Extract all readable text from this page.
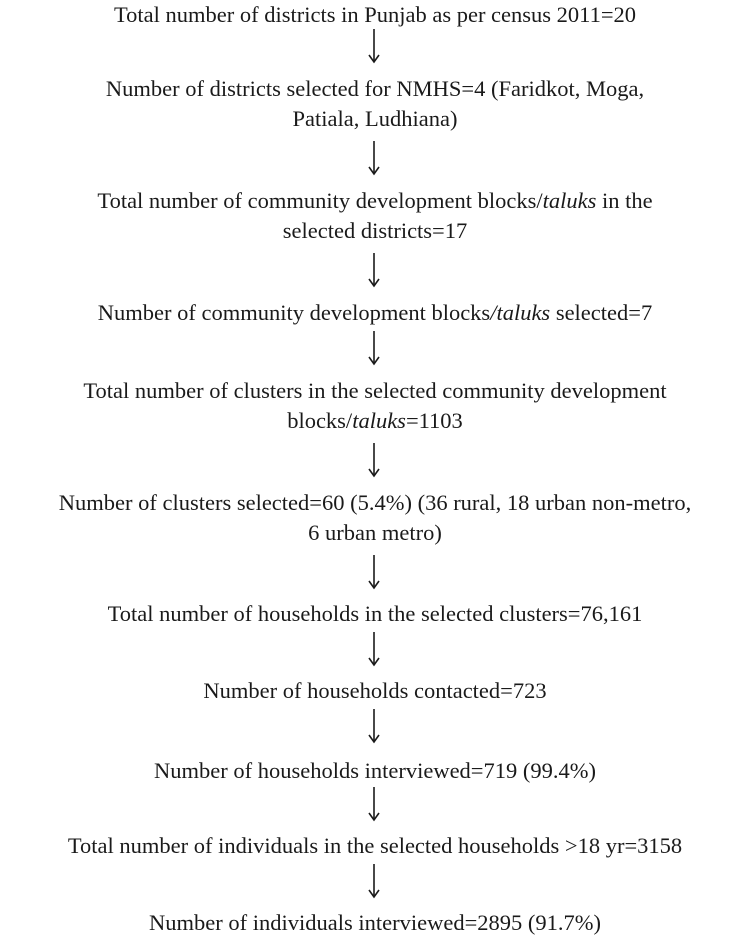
Total number of districts in Punjab as per census 2011=20
Number of districts selected for NMHS=4 (Faridkot, Moga,
Patiala, Ludhiana)
Total number of community development blocks/taluks in the
selected districts=17
Number of community development blocks/taluks selected=7
Total number of clusters in the selected community development
blocks/taluks=1103
Number of clusters selected=60 (5.4%) (36 rural, 18 urban non-metro,
6 urban metro)
Total number of households in the selected clusters=76,161
Number of households contacted=723
Number of households interviewed=719 (99.4%)
Total number of individuals in the selected households >18 yr=3158
Number of individuals interviewed=2895 (91.7%)
